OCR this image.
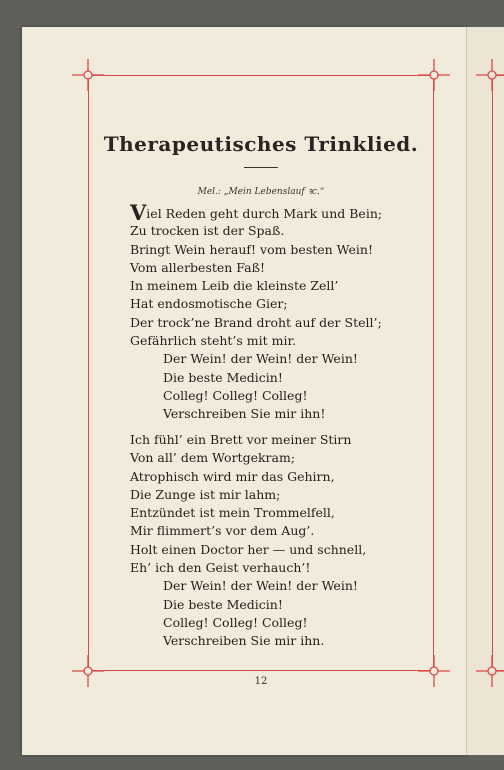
Therapeutisches Trinklied.
Mel.: „Mein Lebenslauf ꝛc.“
Viel Reden geht durch Mark und Bein;
Zu trocken ist der Spaß.
Bringt Wein herauf! vom besten Wein!
Vom allerbesten Faß!
In meinem Leib die kleinste Zell’
Hat endosmotische Gier;
Der trock’ne Brand droht auf der Stell’;
Gefährlich steht’s mit mir.
Der Wein! der Wein! der Wein!
Die beste Medicin!
Colleg! Colleg! Colleg!
Verschreiben Sie mir ihn!
Ich fühl’ ein Brett vor meiner Stirn
Von all’ dem Wortgekram;
Atrophisch wird mir das Gehirn,
Die Zunge ist mir lahm;
Entzündet ist mein Trommelfell,
Mir flimmert’s vor dem Aug’.
Holt einen Doctor her — und schnell,
Eh’ ich den Geist verhauch’!
Der Wein! der Wein! der Wein!
Die beste Medicin!
Colleg! Colleg! Colleg!
Verschreiben Sie mir ihn.
12
